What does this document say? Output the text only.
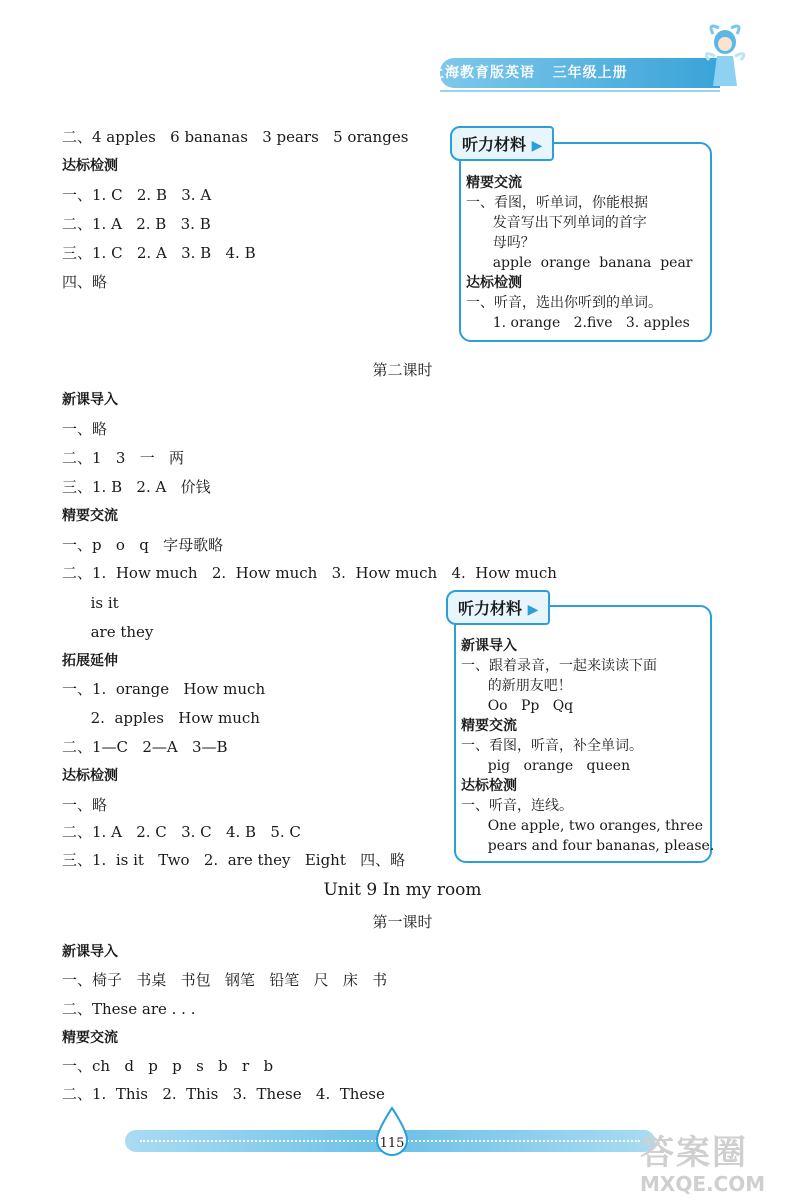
上海教育版英语   三年级上册
二、4 apples   6 bananas   3 pears   5 oranges
达标检测
一、1. C   2. B   3. A
二、1. A   2. B   3. B
三、1. C   2. A   3. B   4. B
四、略
听力材料 ▶
精要交流
一、看图，听单词，你能根据
发音写出下列单词的首字
母吗？
apple  orange  banana  pear
达标检测
一、听音，选出你听到的单词。
1. orange   2.five   3. apples
第二课时
新课导入
一、略
二、1   3   一   两
三、1. B   2. A   价钱
精要交流
一、p   o   q   字母歌略
二、1.  How much   2.  How much   3.  How much   4.  How much
is it
are they
拓展延伸
一、1.  orange   How much
2.  apples   How much
二、1—C   2—A   3—B
达标检测
一、略
二、1. A   2. C   3. C   4. B   5. C
三、1.  is it   Two   2.  are they   Eight   四、略
听力材料 ▶
新课导入
一、跟着录音，一起来读读下面
的新朋友吧！
Oo   Pp   Qq
精要交流
一、看图，听音，补全单词。
pig   orange   queen
达标检测
一、听音，连线。
One apple, two oranges, three
pears and four bananas, please.
Unit 9 In my room
第一课时
新课导入
一、椅子   书桌   书包   钢笔   铅笔   尺   床   书
二、These are . . .
精要交流
一、ch   d   p   p   s   b   r   b
二、1.  This   2.  This   3.  These   4.  These
115	答案圈
MXQE.COM
